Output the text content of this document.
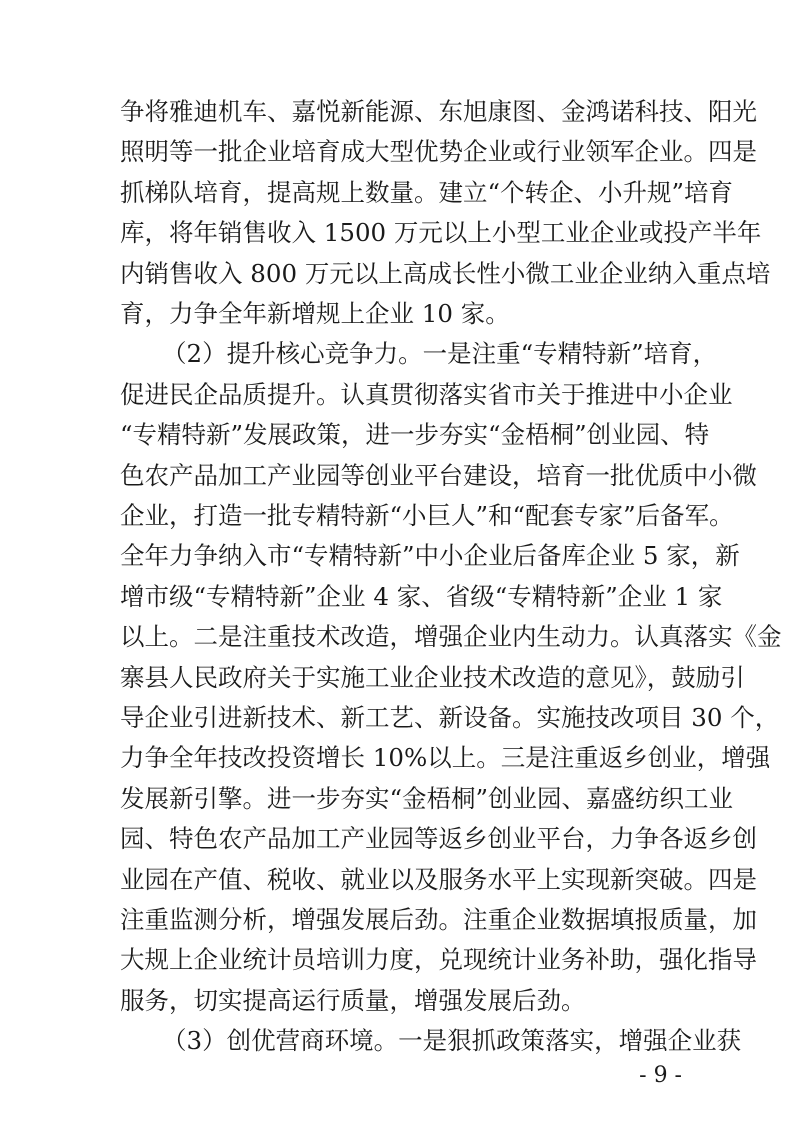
争将雅迪机车、嘉悦新能源、东旭康图、金鸿诺科技、阳光
照明等一批企业培育成大型优势企业或行业领军企业。四是
抓梯队培育，提高规上数量。建立“个转企、小升规”培育
库，将年销售收入 1500 万元以上小型工业企业或投产半年
内销售收入 800 万元以上高成长性小微工业企业纳入重点培
育，力争全年新增规上企业 10 家。
（2）提升核心竞争力。一是注重“专精特新”培育，
促进民企品质提升。认真贯彻落实省市关于推进中小企业
“专精特新”发展政策，进一步夯实“金梧桐”创业园、特
色农产品加工产业园等创业平台建设，培育一批优质中小微
企业，打造一批专精特新“小巨人”和“配套专家”后备军。
全年力争纳入市“专精特新”中小企业后备库企业 5 家，新
增市级“专精特新”企业 4 家、省级“专精特新”企业 1 家
以上。二是注重技术改造，增强企业内生动力。认真落实《金
寨县人民政府关于实施工业企业技术改造的意见》，鼓励引
导企业引进新技术、新工艺、新设备。实施技改项目 30 个，
力争全年技改投资增长 10%以上。三是注重返乡创业，增强
发展新引擎。进一步夯实“金梧桐”创业园、嘉盛纺织工业
园、特色农产品加工产业园等返乡创业平台，力争各返乡创
业园在产值、税收、就业以及服务水平上实现新突破。四是
注重监测分析，增强发展后劲。注重企业数据填报质量，加
大规上企业统计员培训力度，兑现统计业务补助，强化指导
服务，切实提高运行质量，增强发展后劲。
（3）创优营商环境。一是狠抓政策落实，增强企业获
- 9 -
